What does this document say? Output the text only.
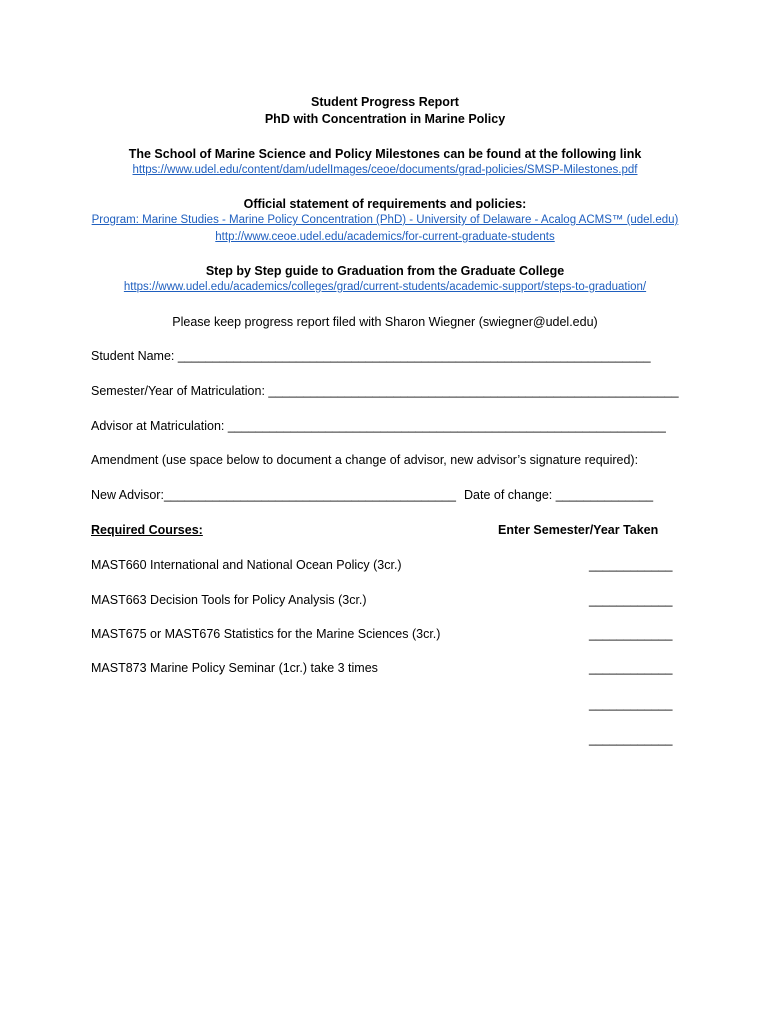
Student Progress Report
PhD with Concentration in Marine Policy
The School of Marine Science and Policy Milestones can be found at the following link
https://www.udel.edu/content/dam/udelImages/ceoe/documents/grad-policies/SMSP-Milestones.pdf
Official statement of requirements and policies:
Program: Marine Studies - Marine Policy Concentration (PhD) - University of Delaware - Acalog ACMS™ (udel.edu)
http://www.ceoe.udel.edu/academics/for-current-graduate-students
Step by Step guide to Graduation from the Graduate College
https://www.udel.edu/academics/colleges/grad/current-students/academic-support/steps-to-graduation/
Please keep progress report filed with Sharon Wiegner (swiegner@udel.edu)
Student Name: ____________________________________________________________________
Semester/Year of Matriculation: ___________________________________________________________
Advisor at Matriculation: _______________________________________________________________
Amendment (use space below to document a change of advisor, new advisor’s signature required):
New Advisor:__________________________________________ Date of change: ______________
Required Courses:	Enter Semester/Year Taken
MAST660 International and National Ocean Policy (3cr.)	____________
MAST663 Decision Tools for Policy Analysis (3cr.)	____________
MAST675 or MAST676 Statistics for the Marine Sciences (3cr.)	____________
MAST873 Marine Policy Seminar (1cr.) take 3 times	____________
____________
____________
